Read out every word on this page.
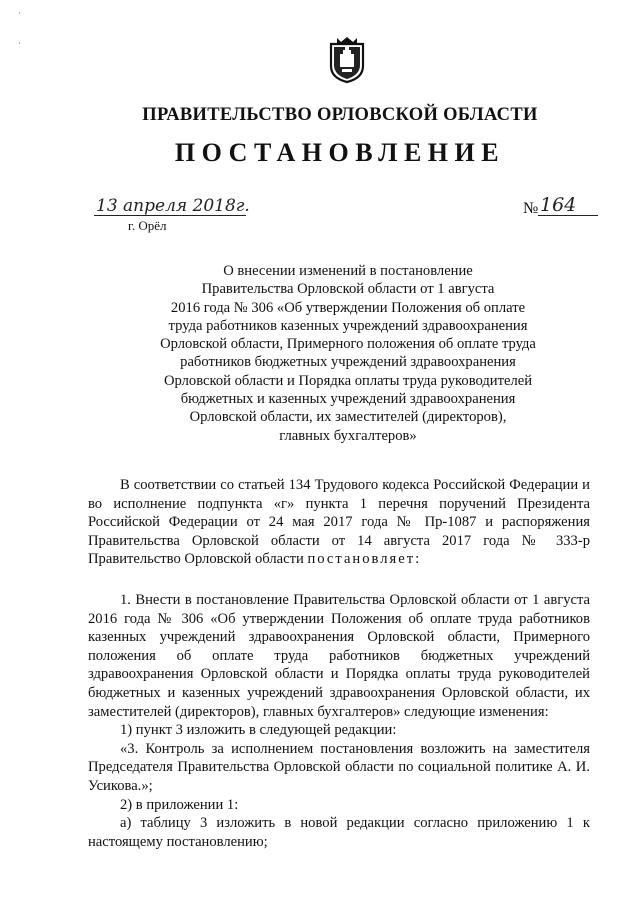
·

·
ПРАВИТЕЛЬСТВО ОРЛОВСКОЙ ОБЛАСТИ
ПОСТАНОВЛЕНИЕ
13 апреля 2018г.
г. Орёл
№ 164
О внесении изменений в постановление
Правительства Орловской области от 1 августа
2016 года № 306 «Об утверждении Положения об оплате
труда работников казенных учреждений здравоохранения
Орловской области, Примерного положения об оплате труда
работников бюджетных учреждений здравоохранения
Орловской области и Порядка оплаты труда руководителей
бюджетных и казенных учреждений здравоохранения
Орловской области, их заместителей (директоров),
главных бухгалтеров»

В соответствии со статьей 134 Трудового кодекса Российской Федерации и во исполнение подпункта «г» пункта 1 перечня поручений Президента Российской Федерации от 24 мая 2017 года № Пр-1087 и распоряжения Правительства Орловской области от 14 августа 2017 года № 333-р Правительство Орловской области постановляет:

1. Внести в постановление Правительства Орловской области от 1 августа 2016 года № 306 «Об утверждении Положения об оплате труда работников казенных учреждений здравоохранения Орловской области, Примерного положения об оплате труда работников бюджетных учреждений здравоохранения Орловской области и Порядка оплаты труда руководителей бюджетных и казенных учреждений здравоохранения Орловской области, их заместителей (директоров), главных бухгалтеров» следующие изменения:

1) пункт 3 изложить в следующей редакции:

«3. Контроль за исполнением постановления возложить на заместителя Председателя Правительства Орловской области по социальной политике А. И. Усикова.»;

2) в приложении 1:

а) таблицу 3 изложить в новой редакции согласно приложению 1 к настоящему постановлению;
